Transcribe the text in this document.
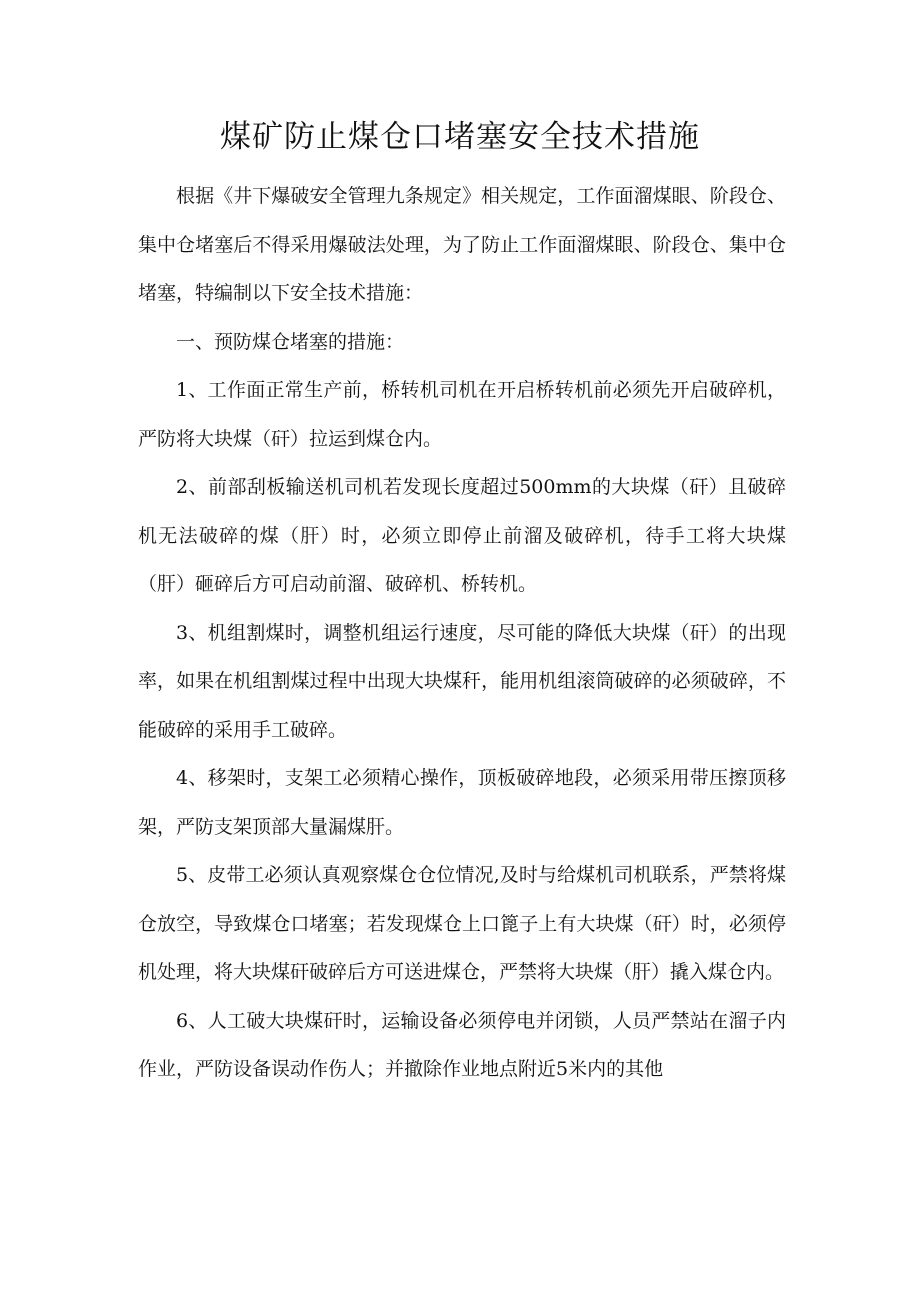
煤矿防止煤仓口堵塞安全技术措施

根据《井下爆破安全管理九条规定》相关规定，工作面溜煤眼、阶段仓、集中仓堵塞后不得采用爆破法处理，为了防止工作面溜煤眼、阶段仓、集中仓堵塞，特编制以下安全技术措施：

一、预防煤仓堵塞的措施：

1、工作面正常生产前，桥转机司机在开启桥转机前必须先开启破碎机，严防将大块煤（矸）拉运到煤仓内。

2、前部刮板输送机司机若发现长度超过500mm的大块煤（矸）且破碎机无法破碎的煤（肝）时，必须立即停止前溜及破碎机，待手工将大块煤（肝）砸碎后方可启动前溜、破碎机、桥转机。

3、机组割煤时，调整机组运行速度，尽可能的降低大块煤（矸）的出现率，如果在机组割煤过程中出现大块煤秆，能用机组滚筒破碎的必须破碎，不能破碎的采用手工破碎。

4、移架时，支架工必须精心操作，顶板破碎地段，必须采用带压擦顶移架，严防支架顶部大量漏煤肝。

5、皮带工必须认真观察煤仓仓位情况,及时与给煤机司机联系，严禁将煤仓放空，导致煤仓口堵塞；若发现煤仓上口篦子上有大块煤（矸）时，必须停机处理，将大块煤矸破碎后方可送进煤仓，严禁将大块煤（肝）撬入煤仓内。

6、人工破大块煤矸时，运输设备必须停电并闭锁，人员严禁站在溜子内作业，严防设备误动作伤人；并撤除作业地点附近5米内的其他
